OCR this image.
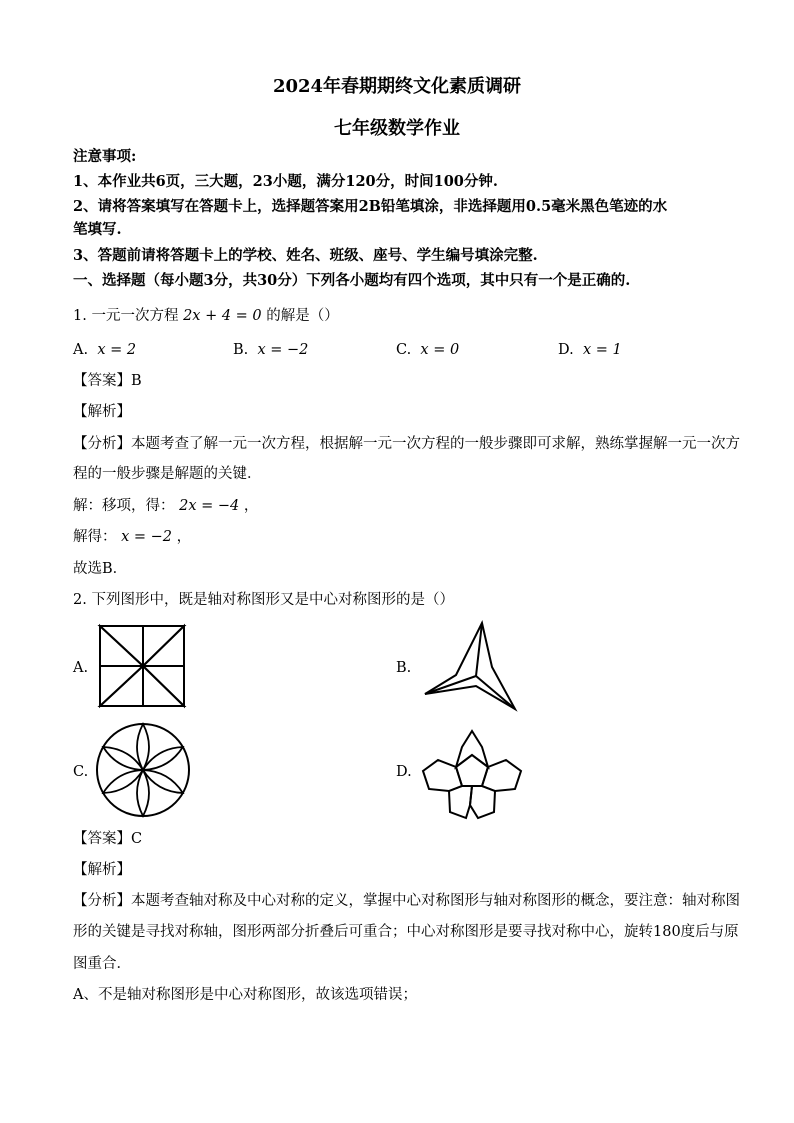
2024年春期期终文化素质调研
七年级数学作业
注意事项:
1、本作业共6页，三大题，23小题，满分120分，时间100分钟.
2、请将答案填写在答题卡上，选择题答案用2B铅笔填涂，非选择题用0.5毫米黑色笔迹的水
笔填写.
3、答题前请将答题卡上的学校、姓名、班级、座号、学生编号填涂完整.
一、选择题（每小题3分，共30分）下列各小题均有四个选项，其中只有一个是正确的.
1. 一元一次方程 2x + 4 = 0 的解是（）
A. x = 2	B. x = −2	C. x = 0	D. x = 1
【答案】B
【解析】
【分析】本题考查了解一元一次方程，根据解一元一次方程的一般步骤即可求解，熟练掌握解一元一次方
程的一般步骤是解题的关键．
解：移项，得： 2x = −4 ，
解得： x = −2 ，
故选B．
2. 下列图形中，既是轴对称图形又是中心对称图形的是（）
A.	B.
C.	D.
【答案】C
【解析】
【分析】本题考查轴对称及中心对称的定义，掌握中心对称图形与轴对称图形的概念，要注意：轴对称图
形的关键是寻找对称轴，图形两部分折叠后可重合；中心对称图形是要寻找对称中心，旋转180度后与原
图重合．
A、不是轴对称图形是中心对称图形，故该选项错误；
